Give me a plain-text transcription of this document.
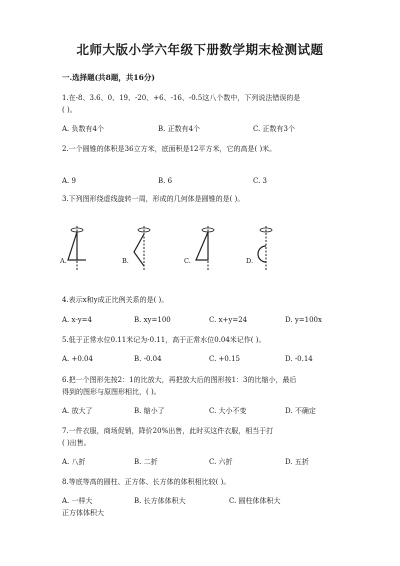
北师大版小学六年级下册数学期末检测试题
一.选择题(共8题，共16分)
1.在-8、3.6、0、19、-20、+6、-16、-0.5这八个数中，下列说法错误的是
( )。
A. 负数有4个	B. 正数有4个	C. 正数有3个
2.一个圆锥的体积是36立方米，底面积是12平方米，它的高是( )米。
A. 9	B. 6	C. 3
3.下列图形绕虚线旋转一周，形成的几何体是圆锥的是( )。
A.	B.	C.	D.
4.表示x和y成正比例关系的是( )。
A. x-y=4	B. xy=100	C. x+y=24	D. y=100x
5.低于正常水位0.11米记为-0.11，高于正常水位0.04米记作( )。
A. +0.04	B. -0.04	C. +0.15	D. -0.14
6.把一个图形先按2：1的比放大，再把放大后的图形按1：3的比缩小，最后
得到的图形与原图形相比，( )。
A. 放大了	B. 缩小了	C. 大小不变	D. 不确定
7.一件衣服，商场促销，降价20%出售，此时买这件衣服，相当于打
( )出售。
A. 八折	B. 二折	C. 六折	D. 五折
8.等底等高的圆柱、正方体、长方体的体积相比较( )。
A. 一样大	B. 长方体体积大	C. 圆柱体体积大
正方体体积大
